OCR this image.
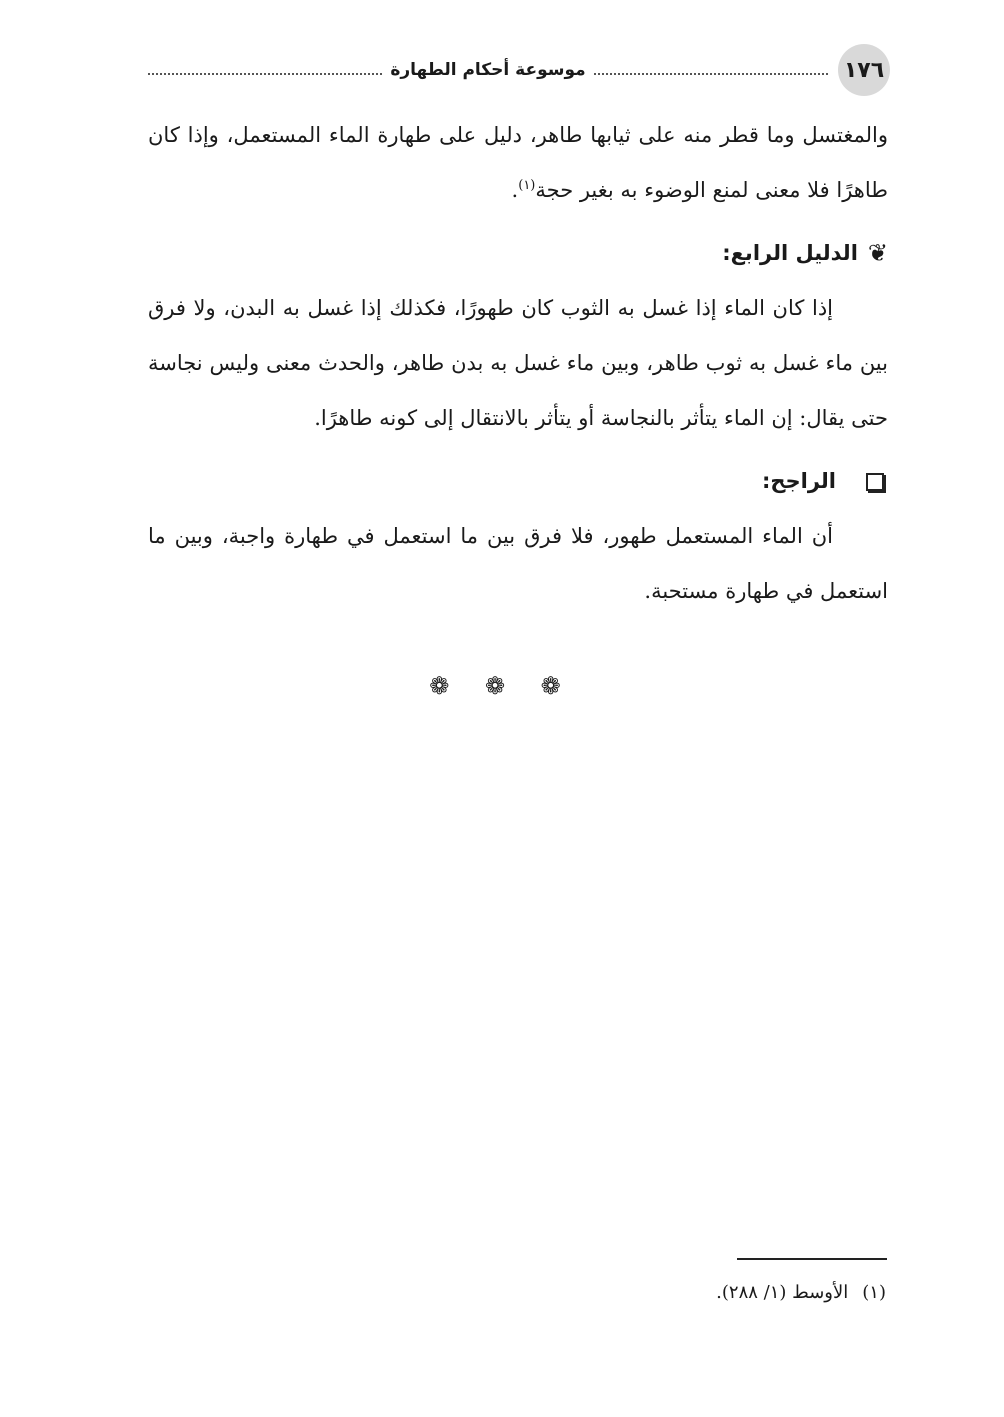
١٧٦
موسوعة أحكام الطهارة

والمغتسل وما قطر منه على ثيابها طاهر، دليل على طهارة الماء المستعمل، وإذا كان طاهرًا فلا معنى لمنع الوضوء به بغير حجة$^{(١)}$.

❦
الدليل الرابع:

إذا كان الماء إذا غسل به الثوب كان طهورًا، فكذلك إذا غسل به البدن، ولا فرق بين ماء غسل به ثوب طاهر، وبين ماء غسل به بدن طاهر، والحدث معنى وليس نجاسة حتى يقال: إن الماء يتأثر بالنجاسة أو يتأثر بالانتقال إلى كونه طاهرًا.

الراجح:

أن الماء المستعمل طهور، فلا فرق بين ما استعمل في طهارة واجبة، وبين ما استعمل في طهارة مستحبة.

❁ ❁ ❁
(١)الأوسط (١/ ٢٨٨).
